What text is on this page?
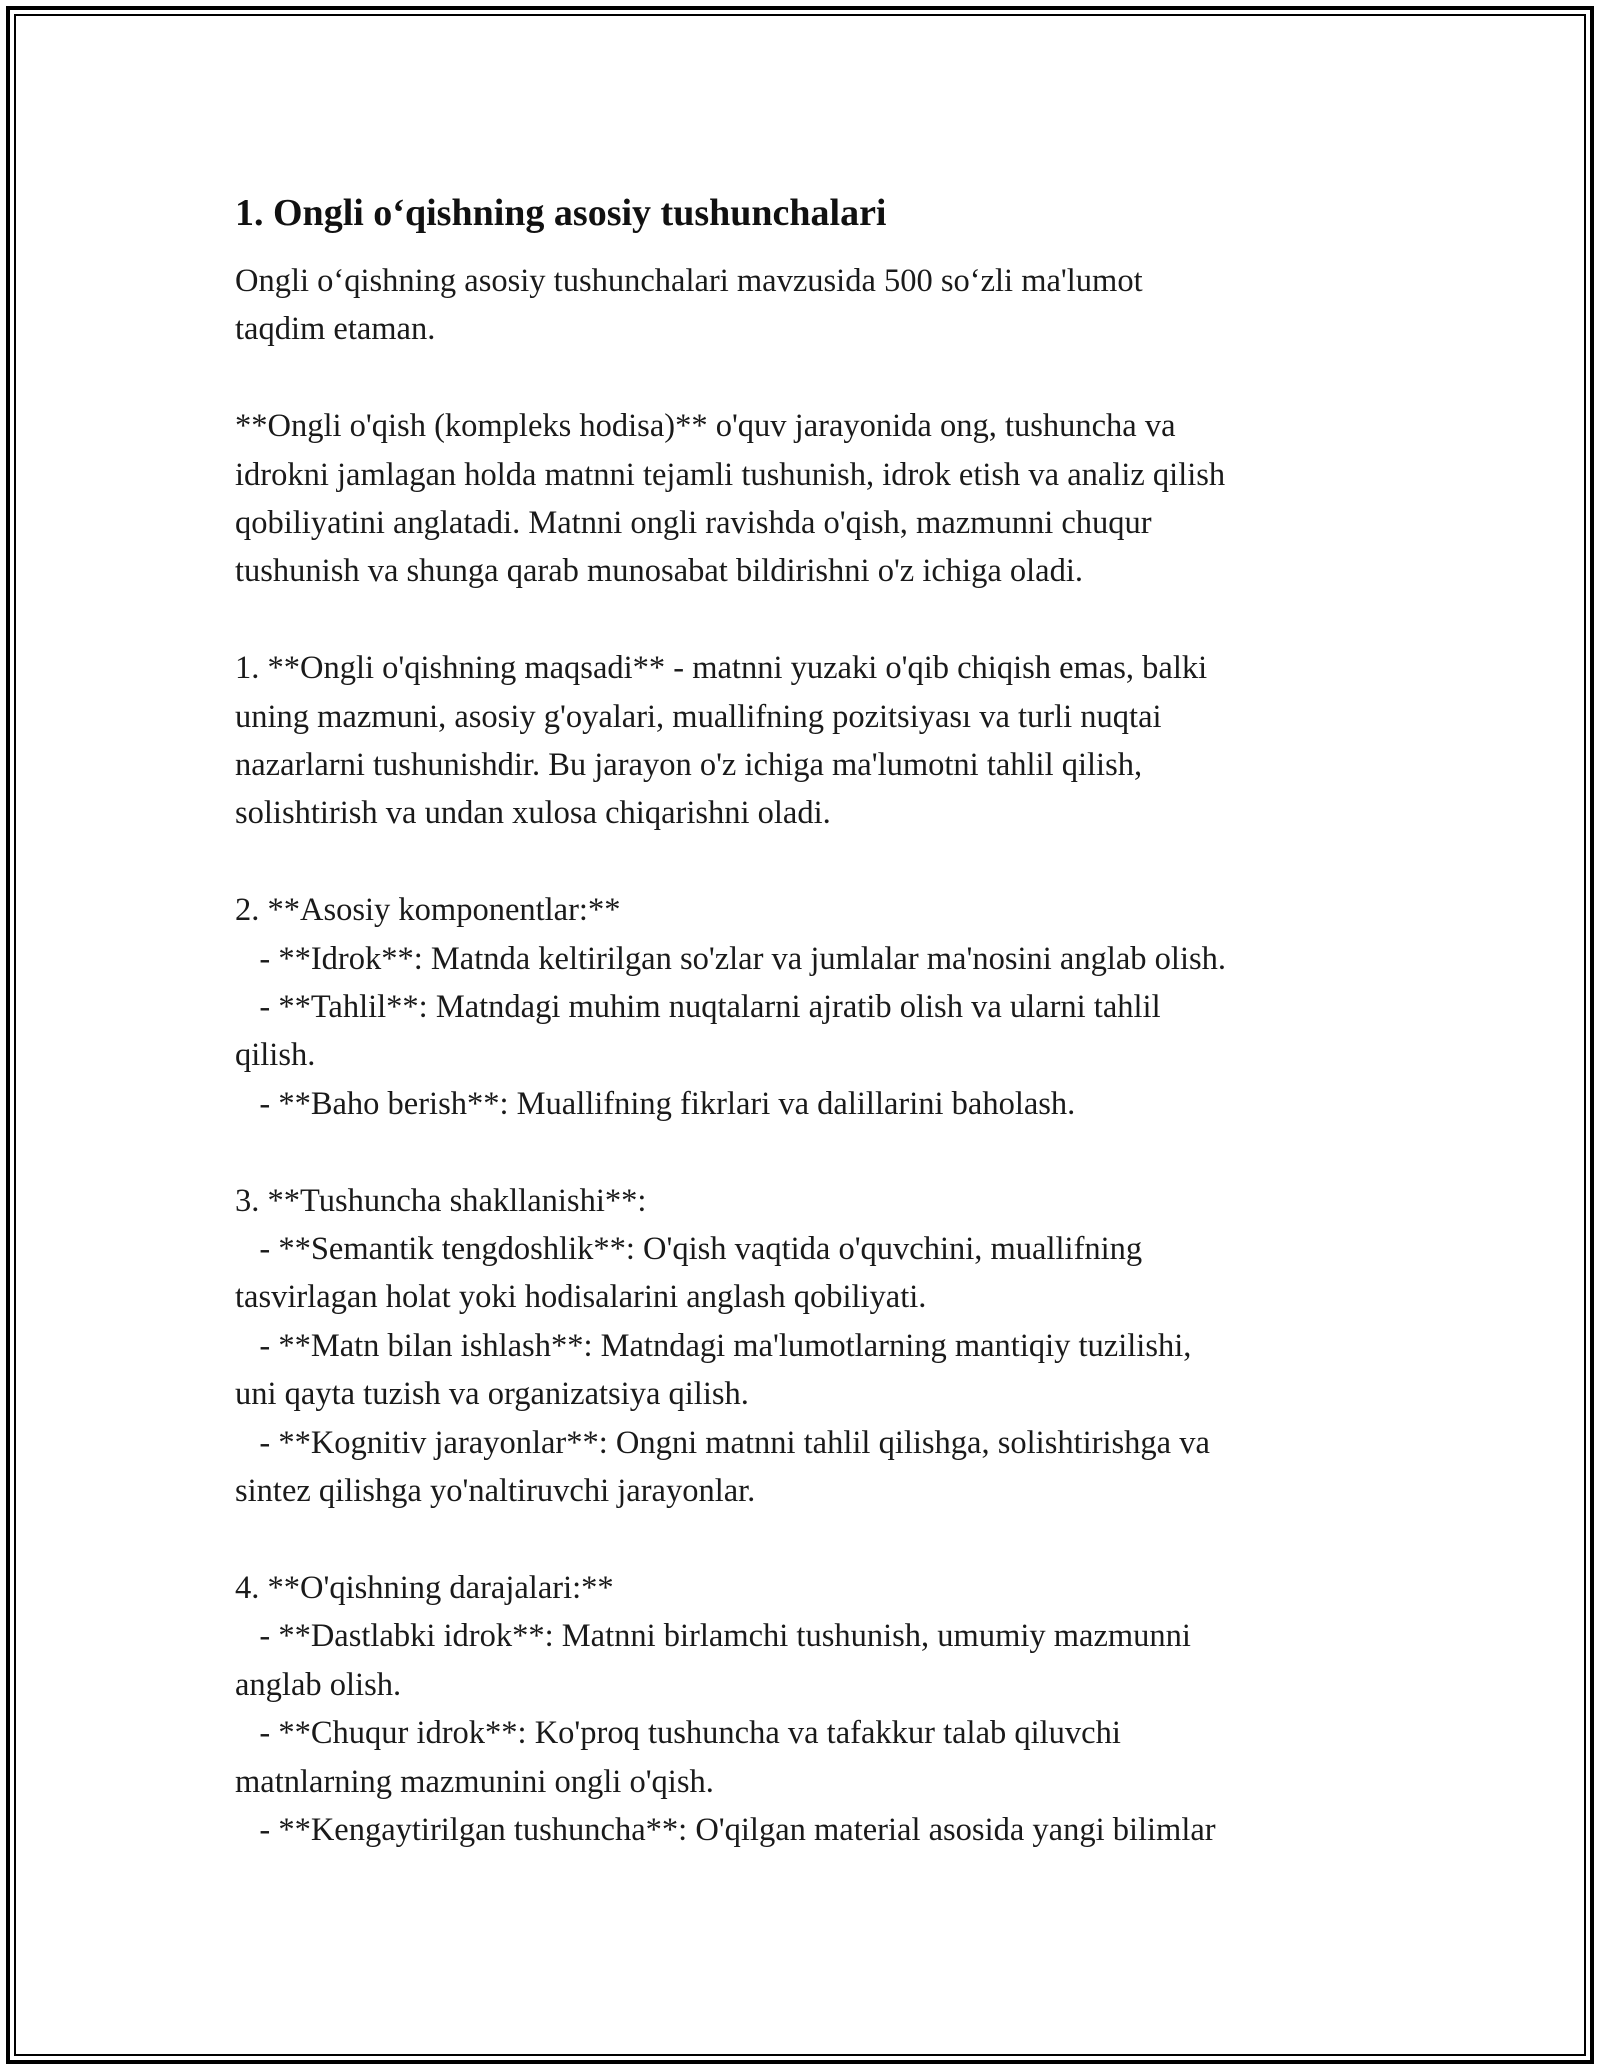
1. Ongli o‘qishning asosiy tushunchalari
Ongli o‘qishning asosiy tushunchalari mavzusida 500 so‘zli ma'lumot
taqdim etaman.
**Ongli o'qish (kompleks hodisa)** o'quv jarayonida ong, tushuncha va
idrokni jamlagan holda matnni tejamli tushunish, idrok etish va analiz qilish
qobiliyatini anglatadi. Matnni ongli ravishda o'qish, mazmunni chuqur
tushunish va shunga qarab munosabat bildirishni o'z ichiga oladi.
1. **Ongli o'qishning maqsadi** - matnni yuzaki o'qib chiqish emas, balki
uning mazmuni, asosiy g'oyalari, muallifning pozitsiyası va turli nuqtai
nazarlarni tushunishdir. Bu jarayon o'z ichiga ma'lumotni tahlil qilish,
solishtirish va undan xulosa chiqarishni oladi.
2. **Asosiy komponentlar:**
- **Idrok**: Matnda keltirilgan so'zlar va jumlalar ma'nosini anglab olish.
- **Tahlil**: Matndagi muhim nuqtalarni ajratib olish va ularni tahlil
qilish.
- **Baho berish**: Muallifning fikrlari va dalillarini baholash.
3. **Tushuncha shakllanishi**:
- **Semantik tengdoshlik**: O'qish vaqtida o'quvchini, muallifning
tasvirlagan holat yoki hodisalarini anglash qobiliyati.
- **Matn bilan ishlash**: Matndagi ma'lumotlarning mantiqiy tuzilishi,
uni qayta tuzish va organizatsiya qilish.
- **Kognitiv jarayonlar**: Ongni matnni tahlil qilishga, solishtirishga va
sintez qilishga yo'naltiruvchi jarayonlar.
4. **O'qishning darajalari:**
- **Dastlabki idrok**: Matnni birlamchi tushunish, umumiy mazmunni
anglab olish.
- **Chuqur idrok**: Ko'proq tushuncha va tafakkur talab qiluvchi
matnlarning mazmunini ongli o'qish.
- **Kengaytirilgan tushuncha**: O'qilgan material asosida yangi bilimlar
